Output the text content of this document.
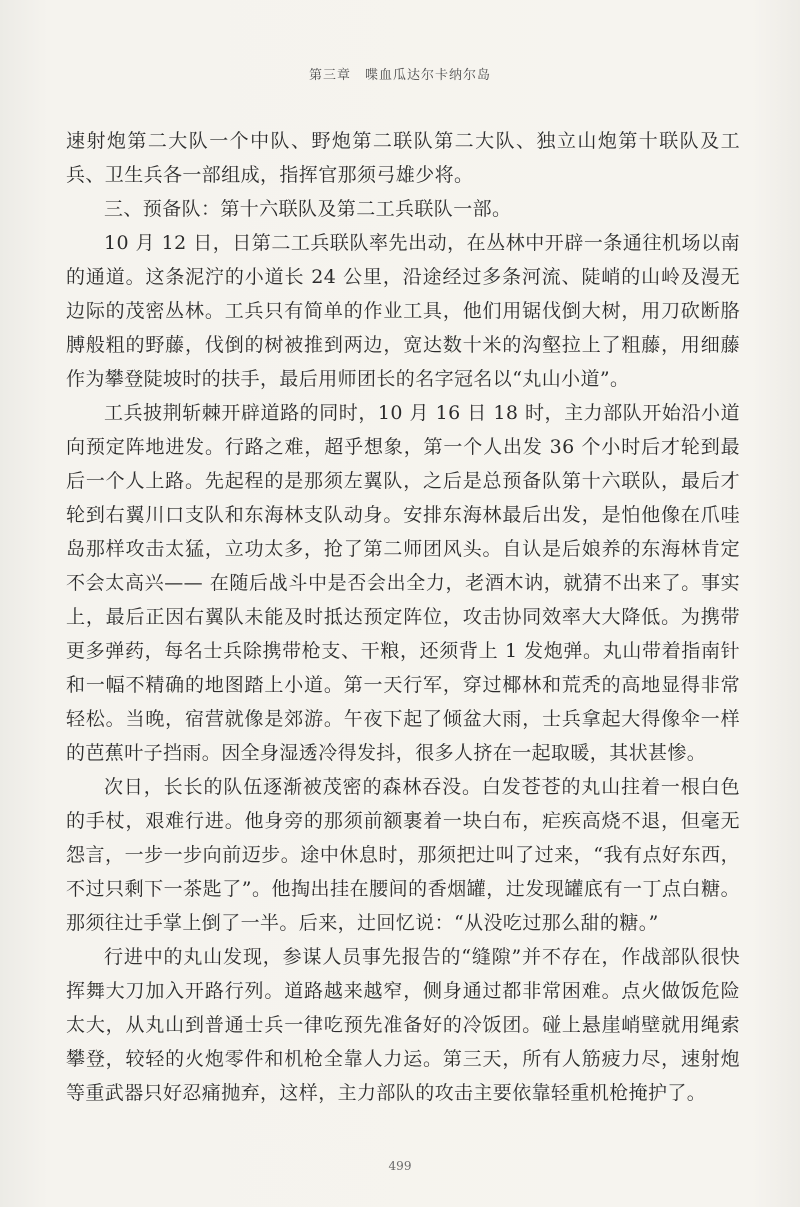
第三章 喋血瓜达尔卡纳尔岛

速射炮第二大队一个中队、野炮第二联队第二大队、独立山炮第十联队及工兵、卫生兵各一部组成，指挥官那须弓雄少将。

三、预备队：第十六联队及第二工兵联队一部。

10 月 12 日，日第二工兵联队率先出动，在丛林中开辟一条通往机场以南的通道。这条泥泞的小道长 24 公里，沿途经过多条河流、陡峭的山岭及漫无边际的茂密丛林。工兵只有简单的作业工具，他们用锯伐倒大树，用刀砍断胳膊般粗的野藤，伐倒的树被推到两边，宽达数十米的沟壑拉上了粗藤，用细藤作为攀登陡坡时的扶手，最后用师团长的名字冠名以“丸山小道”。

工兵披荆斩棘开辟道路的同时，10 月 16 日 18 时，主力部队开始沿小道向预定阵地进发。行路之难，超乎想象，第一个人出发 36 个小时后才轮到最后一个人上路。先起程的是那须左翼队，之后是总预备队第十六联队，最后才轮到右翼川口支队和东海林支队动身。安排东海林最后出发，是怕他像在爪哇岛那样攻击太猛，立功太多，抢了第二师团风头。自认是后娘养的东海林肯定不会太高兴—— 在随后战斗中是否会出全力，老酒木讷，就猜不出来了。事实上，最后正因右翼队未能及时抵达预定阵位，攻击协同效率大大降低。为携带更多弹药，每名士兵除携带枪支、干粮，还须背上 1 发炮弹。丸山带着指南针和一幅不精确的地图踏上小道。第一天行军，穿过椰林和荒秃的高地显得非常轻松。当晚，宿营就像是郊游。午夜下起了倾盆大雨，士兵拿起大得像伞一样的芭蕉叶子挡雨。因全身湿透冷得发抖，很多人挤在一起取暖，其状甚惨。

次日，长长的队伍逐渐被茂密的森林吞没。白发苍苍的丸山拄着一根白色的手杖，艰难行进。他身旁的那须前额裹着一块白布，疟疾高烧不退，但毫无怨言，一步一步向前迈步。途中休息时，那须把辻叫了过来，“我有点好东西，不过只剩下一茶匙了”。他掏出挂在腰间的香烟罐，辻发现罐底有一丁点白糖。那须往辻手掌上倒了一半。后来，辻回忆说：“从没吃过那么甜的糖。”

行进中的丸山发现，参谋人员事先报告的“缝隙”并不存在，作战部队很快挥舞大刀加入开路行列。道路越来越窄，侧身通过都非常困难。点火做饭危险太大，从丸山到普通士兵一律吃预先准备好的冷饭团。碰上悬崖峭壁就用绳索攀登，较轻的火炮零件和机枪全靠人力运。第三天，所有人筋疲力尽，速射炮等重武器只好忍痛抛弃，这样，主力部队的攻击主要依靠轻重机枪掩护了。

499
